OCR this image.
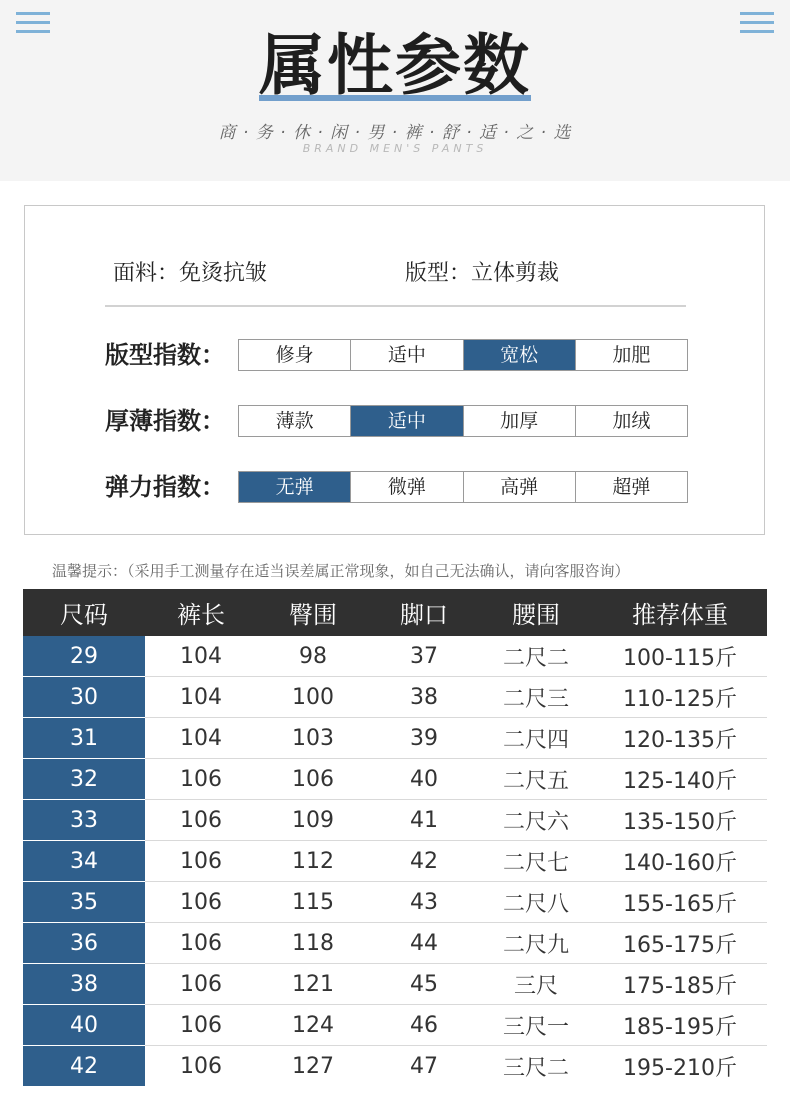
属性参数
商 · 务 · 休 · 闲 · 男 · 裤 · 舒 · 适 · 之 · 选
BRAND MEN'S PANTS
面料：免烫抗皱	版型：立体剪裁
版型指数：	修身	适中	宽松	加肥
厚薄指数：	薄款	适中	加厚	加绒
弹力指数：	无弹	微弹	高弹	超弹
温馨提示：（采用手工测量存在适当误差属正常现象，如自己无法确认，请向客服咨询）
尺码	裤长	臀围	脚口	腰围	推荐体重
29	104	98	37	二尺二	100-115斤
30	104	100	38	二尺三	110-125斤
31	104	103	39	二尺四	120-135斤
32	106	106	40	二尺五	125-140斤
33	106	109	41	二尺六	135-150斤
34	106	112	42	二尺七	140-160斤
35	106	115	43	二尺八	155-165斤
36	106	118	44	二尺九	165-175斤
38	106	121	45	三尺	175-185斤
40	106	124	46	三尺一	185-195斤
42	106	127	47	三尺二	195-210斤
